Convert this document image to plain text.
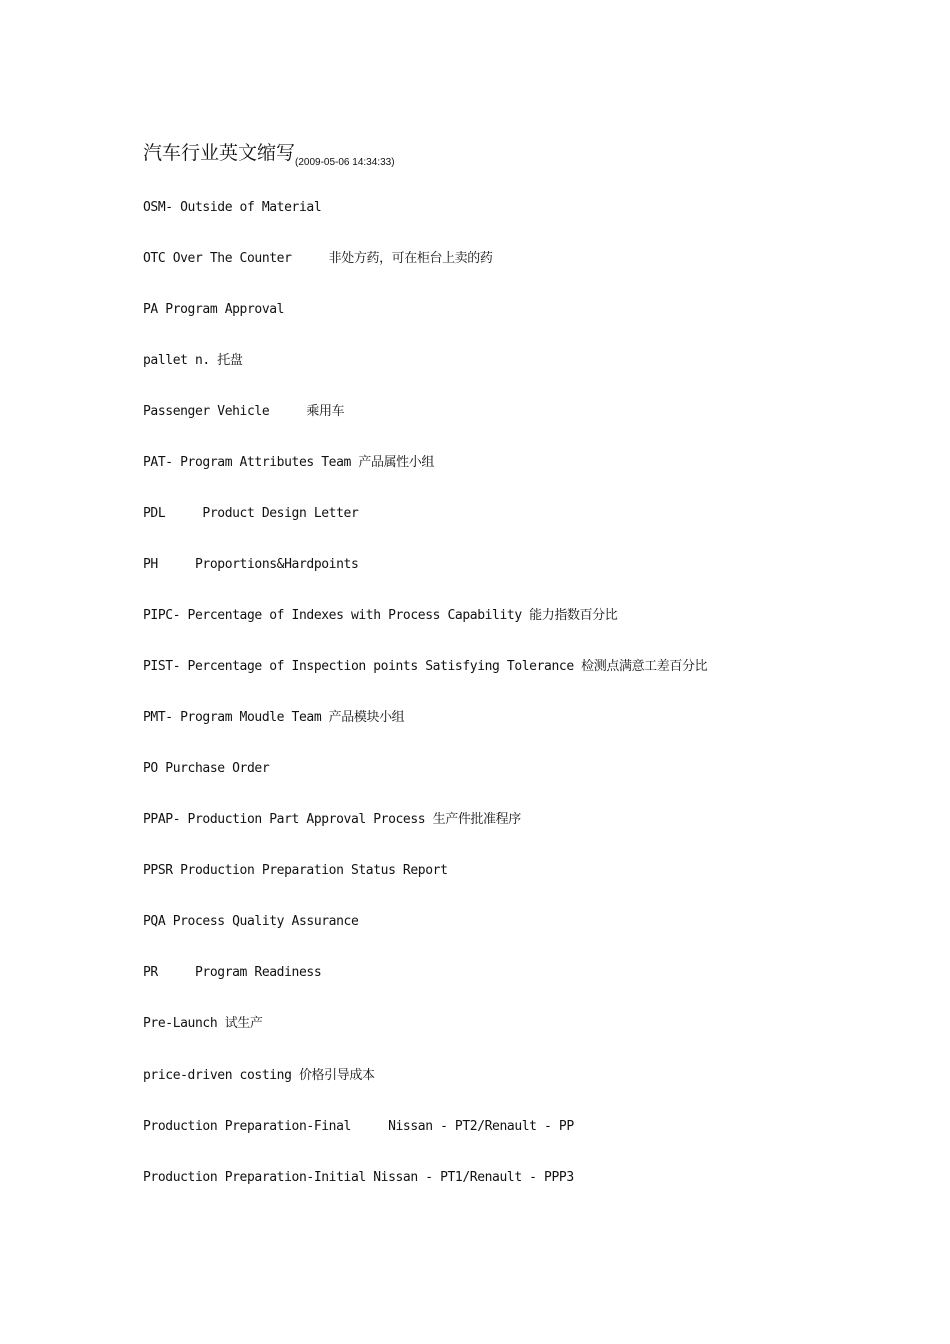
汽车行业英文缩写$_{(2009-05-06 14:34:33)}$
OSM- Outside of Material
OTC Over The Counter     非处方药，可在柜台上卖的药
PA Program Approval
pallet n. 托盘
Passenger Vehicle     乘用车
PAT- Program Attributes Team 产品属性小组
PDL     Product Design Letter
PH     Proportions&Hardpoints
PIPC- Percentage of Indexes with Process Capability 能力指数百分比
PIST- Percentage of Inspection points Satisfying Tolerance 检测点满意工差百分比
PMT- Program Moudle Team 产品模块小组
PO Purchase Order
PPAP- Production Part Approval Process 生产件批准程序
PPSR Production Preparation Status Report
PQA Process Quality Assurance
PR     Program Readiness
Pre-Launch 试生产
price-driven costing 价格引导成本
Production Preparation-Final     Nissan - PT2/Renault - PP
Production Preparation-Initial Nissan - PT1/Renault - PPP3
